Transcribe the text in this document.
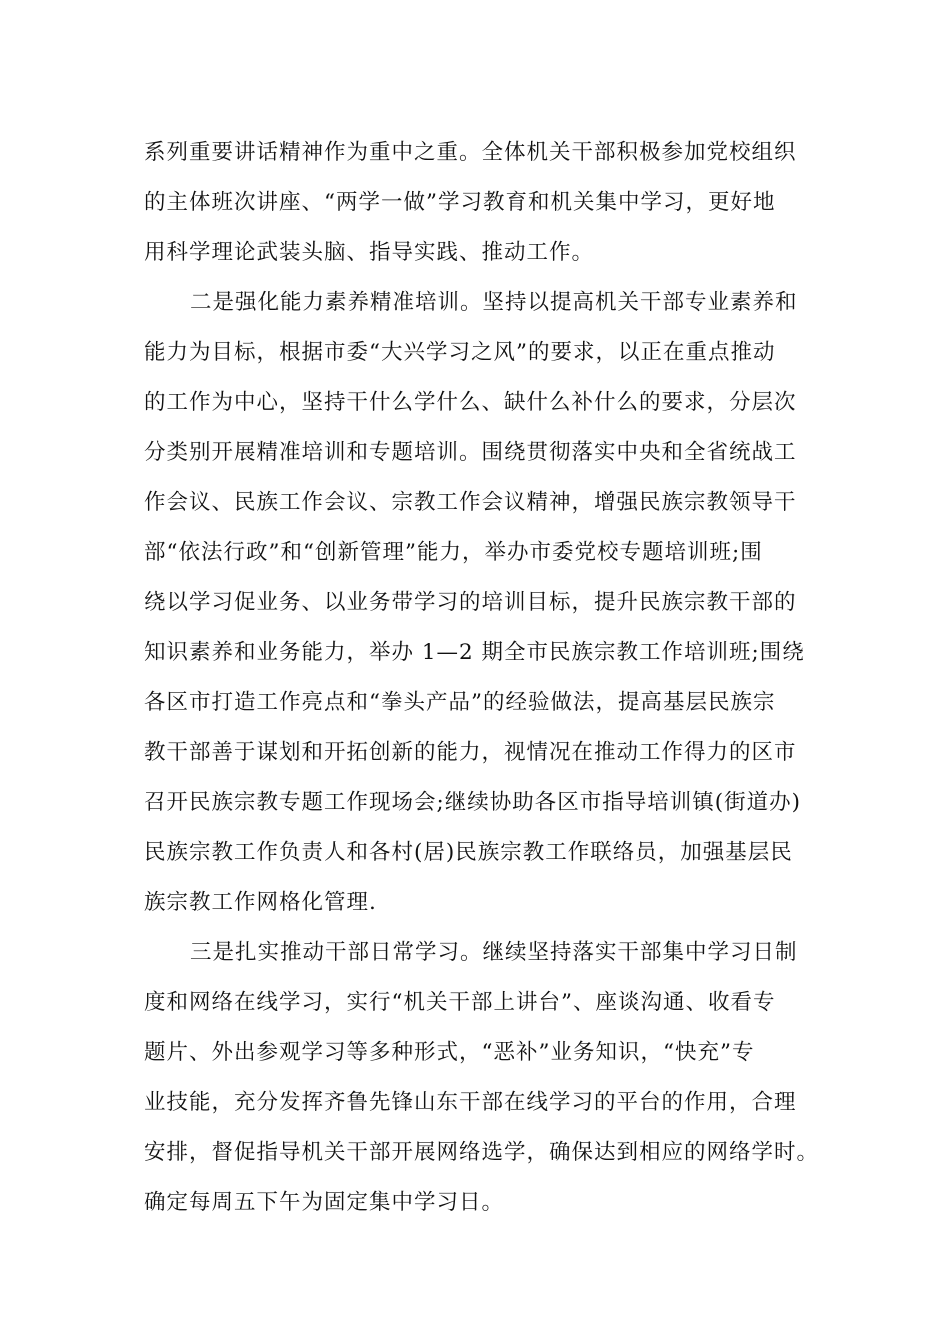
系列重要讲话精神作为重中之重。全体机关干部积极参加党校组织
的主体班次讲座、“两学一做”学习教育和机关集中学习，更好地
用科学理论武装头脑、指导实践、推动工作。
二是强化能力素养精准培训。坚持以提高机关干部专业素养和
能力为目标，根据市委“大兴学习之风”的要求，以正在重点推动
的工作为中心，坚持干什么学什么、缺什么补什么的要求，分层次
分类别开展精准培训和专题培训。围绕贯彻落实中央和全省统战工
作会议、民族工作会议、宗教工作会议精神，增强民族宗教领导干
部“依法行政”和“创新管理”能力，举办市委党校专题培训班;围
绕以学习促业务、以业务带学习的培训目标，提升民族宗教干部的
知识素养和业务能力，举办 1—2 期全市民族宗教工作培训班;围绕
各区市打造工作亮点和“拳头产品”的经验做法，提高基层民族宗
教干部善于谋划和开拓创新的能力，视情况在推动工作得力的区市
召开民族宗教专题工作现场会;继续协助各区市指导培训镇(街道办)
民族宗教工作负责人和各村(居)民族宗教工作联络员，加强基层民
族宗教工作网格化管理.
三是扎实推动干部日常学习。继续坚持落实干部集中学习日制
度和网络在线学习，实行“机关干部上讲台”、座谈沟通、收看专
题片、外出参观学习等多种形式，“恶补”业务知识，“快充”专
业技能，充分发挥齐鲁先锋山东干部在线学习的平台的作用，合理
安排，督促指导机关干部开展网络选学，确保达到相应的网络学时。
确定每周五下午为固定集中学习日。
